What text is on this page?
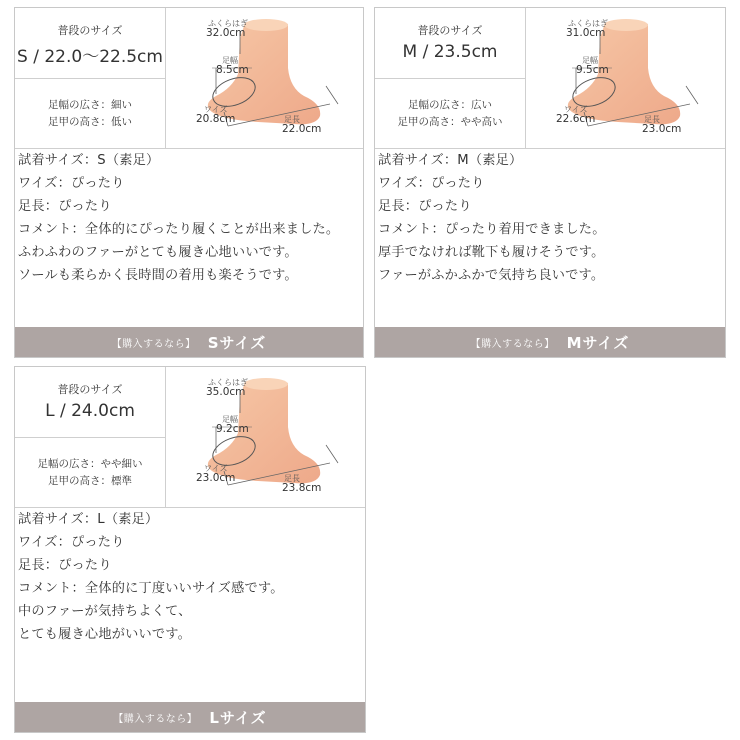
普段のサイズ
S / 22.0〜22.5cm
足幅の広さ：細い
足甲の高さ：低い
ふくらはぎ
32.0cm
足幅
8.5cm
ワイズ
20.8cm	足長
22.0cm
試着サイズ：S（素足）
ワイズ：ぴったり
足長：ぴったり
コメント：全体的にぴったり履くことが出来ました。
ふわふわのファーがとても履き心地いいです。
ソールも柔らかく長時間の着用も楽そうです。
【購入するなら】 Sサイズ
普段のサイズ
M / 23.5cm
足幅の広さ：広い
足甲の高さ：やや高い
ふくらはぎ
31.0cm
足幅
9.5cm
ワイズ
22.6cm	足長
23.0cm
試着サイズ：M（素足）
ワイズ：ぴったり
足長：ぴったり
コメント：ぴったり着用できました。
厚手でなければ靴下も履けそうです。
ファーがふかふかで気持ち良いです。
【購入するなら】 Mサイズ
普段のサイズ
L / 24.0cm
足幅の広さ：やや細い
足甲の高さ：標準
ふくらはぎ
35.0cm
足幅
9.2cm
ワイズ
23.0cm	足長
23.8cm
試着サイズ：L（素足）
ワイズ：ぴったり
足長：ぴったり
コメント：全体的に丁度いいサイズ感です。
中のファーが気持ちよくて、
とても履き心地がいいです。
【購入するなら】 Lサイズ
